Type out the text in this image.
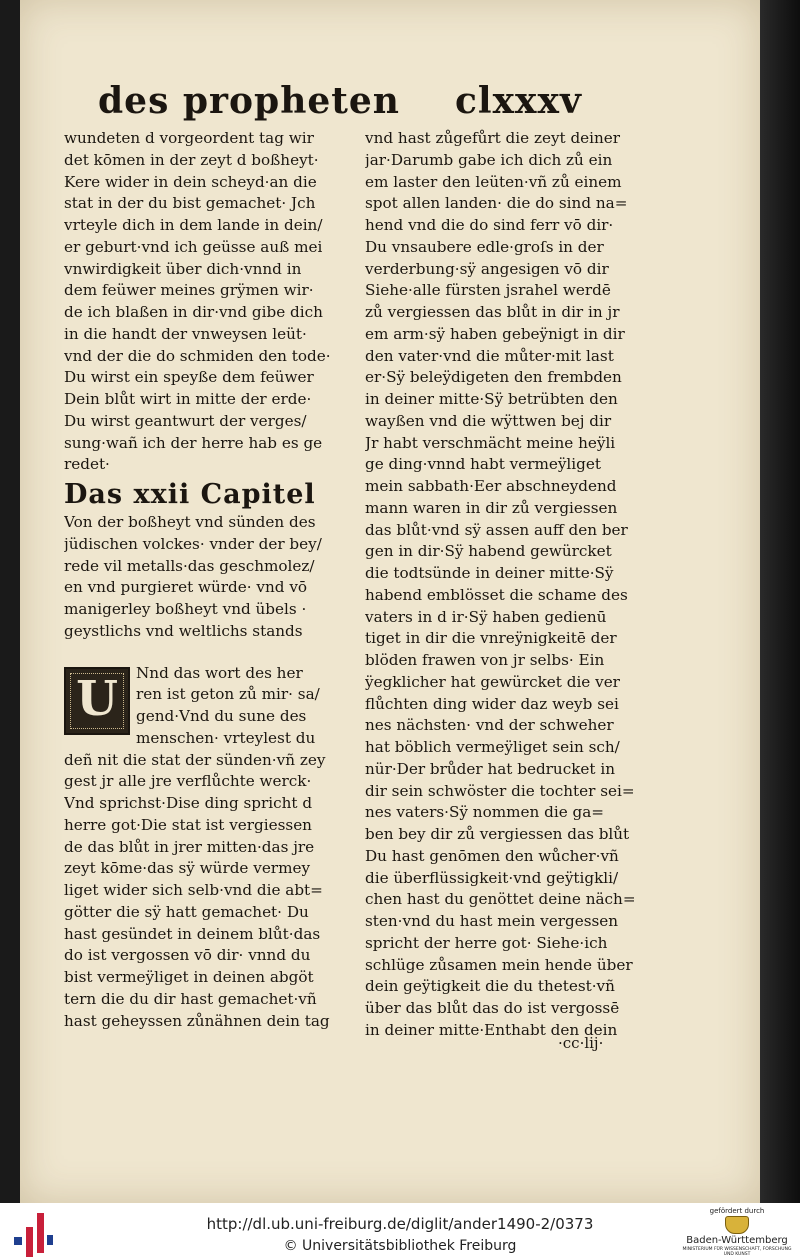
des propheten clxxxv
wundeten d vorgeordent tag wir
det kōmen in der zeyt d boßheyt·
Kere wider in dein scheyd·an die
stat in der du bist gemachet· Jch
vrteyle dich in dem lande in dein/
er geburt·vnd ich geüsse auß mei
vnwirdigkeit über dich·vnnd in
dem feüwer meines grÿmen wir·
de ich blaßen in dir·vnd gibe dich
in die handt der vnweysen leüt·
vnd der die do schmiden den tode·
Du wirst ein speyße dem feüwer
Dein blůt wirt in mitte der erde·
Du wirst geantwurt der verges/
sung·wañ ich der herre hab es ge
redet·
Das xxii Capitel
Von der boßheyt vnd sünden des
jüdischen volckes· vnder der bey/
rede vil metalls·das geschmolez/
en vnd purgieret würde· vnd vō
manigerley boßheyt vnd übels ·
geystlichs vnd weltlichs stands
U	Nnd das wort des her
ren ist geton zů mir· sa/
gend·Vnd du sune des
menschen· vrteylest du
deñ nit die stat der sünden·vñ zey
gest jr alle jre verflůchte werck·
Vnd sprichst·Dise ding spricht d
herre got·Die stat ist vergiessen
de das blůt in jrer mitten·das jre
zeyt kōme·das sÿ würde vermey
liget wider sich selb·vnd die abt=
götter die sÿ hatt gemachet· Du
hast gesündet in deinem blůt·das
do ist vergossen vō dir· vnnd du
bist vermeÿliget in deinen abgöt
tern die du dir hast gemachet·vñ
hast geheyssen zůnähnen dein tag
vnd hast zůgefůrt die zeyt deiner
jar·Darumb gabe ich dich zů ein
em laster den leüten·vñ zů einem
spot allen landen· die do sind na=
hend vnd die do sind ferr vō dir·
Du vnsaubere edle·groſs in der
verderbung·sÿ angesigen vō dir
Siehe·alle fürsten jsrahel werdē
zů vergiessen das blůt in dir in jr
em arm·sÿ haben gebeÿnigt in dir
den vater·vnd die můter·mit last
er·Sÿ beleÿdigeten den frembden
in deiner mitte·Sÿ betrübten den
wayßen vnd die wÿttwen bej dir
Jr habt verschmächt meine heÿli
ge ding·vnnd habt vermeÿliget
mein sabbath·Eer abschneydend
mann waren in dir zů vergiessen
das blůt·vnd sÿ assen auff den ber
gen in dir·Sÿ habend gewürcket
die todtsünde in deiner mitte·Sÿ
habend emblösset die schame des
vaters in d ir·Sÿ haben gedienū
tiget in dir die vnreÿnigkeitē der
blöden frawen von jr selbs· Ein
ÿegklicher hat gewürcket die ver
flůchten ding wider daz weyb sei
nes nächsten· vnd der schweher
hat böblich vermeÿliget sein sch/
nür·Der brůder hat bedrucket in
dir sein schwöster die tochter sei=
nes vaters·Sÿ nommen die ga=
ben bey dir zů vergiessen das blůt
Du hast genōmen den wůcher·vñ
die überflüssigkeit·vnd geÿtigkli/
chen hast du genöttet deine näch=
sten·vnd du hast mein vergessen
spricht der herre got· Siehe·ich
schlüge zůsamen mein hende über
dein geÿtigkeit die du thetest·vñ
über das blůt das do ist vergossē
in deiner mitte·Enthabt den dein
·cc·lij·
http://dl.ub.uni-freiburg.de/diglit/ander1490-2/0373
© Universitätsbibliothek Freiburg
gefördert durch
Baden-Württemberg
MINISTERIUM FÜR WISSENSCHAFT, FORSCHUNG UND KUNST
